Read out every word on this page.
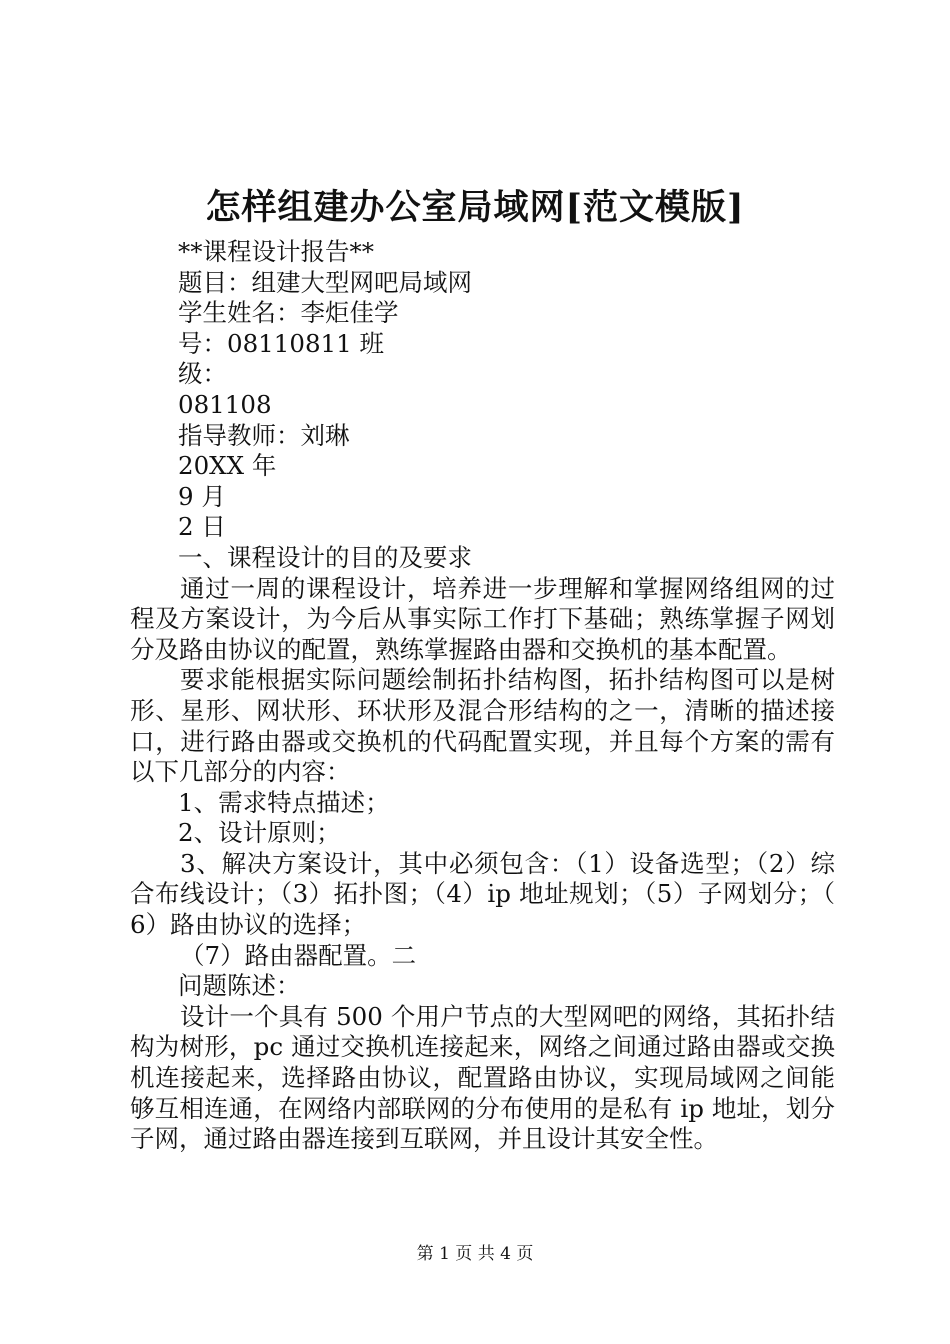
怎样组建办公室局域网[范文模版]
**课程设计报告**
题目：组建大型网吧局域网
学生姓名：李炬佳学
号：08110811 班
级：
081108
指导教师：刘琳
20XX 年
9 月
2 日
一、课程设计的目的及要求
通过一周的课程设计，培养进一步理解和掌握网络组网的过程及方案设计，为今后从事实际工作打下基础；熟练掌握子网划分及路由协议的配置，熟练掌握路由器和交换机的基本配置。
要求能根据实际问题绘制拓扑结构图，拓扑结构图可以是树形、星形、网状形、环状形及混合形结构的之一，清晰的描述接口，进行路由器或交换机的代码配置实现，并且每个方案的需有以下几部分的内容：
1、需求特点描述；
2、设计原则；
3、解决方案设计，其中必须包含：（1）设备选型；（2）综合布线设计；（3）拓扑图；（4）ip 地址规划；（5）子网划分；（6）路由协议的选择；
（7）路由器配置。二
问题陈述：
设计一个具有 500 个用户节点的大型网吧的网络，其拓扑结构为树形，pc 通过交换机连接起来，网络之间通过路由器或交换机连接起来，选择路由协议，配置路由协议，实现局域网之间能够互相连通，在网络内部联网的分布使用的是私有 ip 地址，划分子网，通过路由器连接到互联网，并且设计其安全性。
第 1 页 共 4 页
